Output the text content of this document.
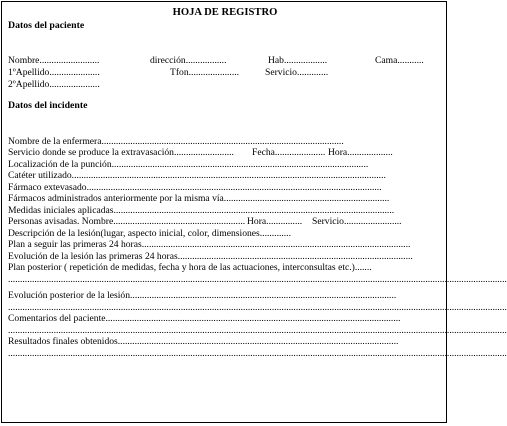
HOJA DE REGISTRO
Datos del paciente
Nombre.........................	dirección.................	Hab..................	Cama...........
1ºApellido.....................	Tfon.....................	Servicio.............
2ºApellido.....................
Datos del incidente
Nombre de la enfermera.....................................................................................................
Servicio donde se produce la extravasación......................... Fecha..................... Hora...................
Localización de la punción...........................................................................................................
Catéter utilizado...................................................................................................................................
Fármaco extevasado...........................................................................................................................
Fármacos administrados anteriormente por la misma vía.....................................................................
Medidas iniciales aplicadas.....................................................................................................................
Personas avisadas. Nombre....................................................... Hora............... Servicio........................
Descripción de la lesión(lugar, aspecto inicial, color, dimensiones.............
Plan a seguir las primeras 24 horas................................................................................................................
Evolución de la lesión las primeras 24 horas..................................................................................................
Plan posterior ( repetición de medidas, fecha y hora de las actuaciones, interconsultas etc.).......
................................................................................................................................................................................................................
Evolución posterior de la lesión...............................................................................................................
................................................................................................................................................................................................................
Comentarios del paciente...........................................................................................................................
................................................................................................................................................................................................................
Resultados finales obtenidos.....................................................................................................................
................................................................................................................................................................................................................
